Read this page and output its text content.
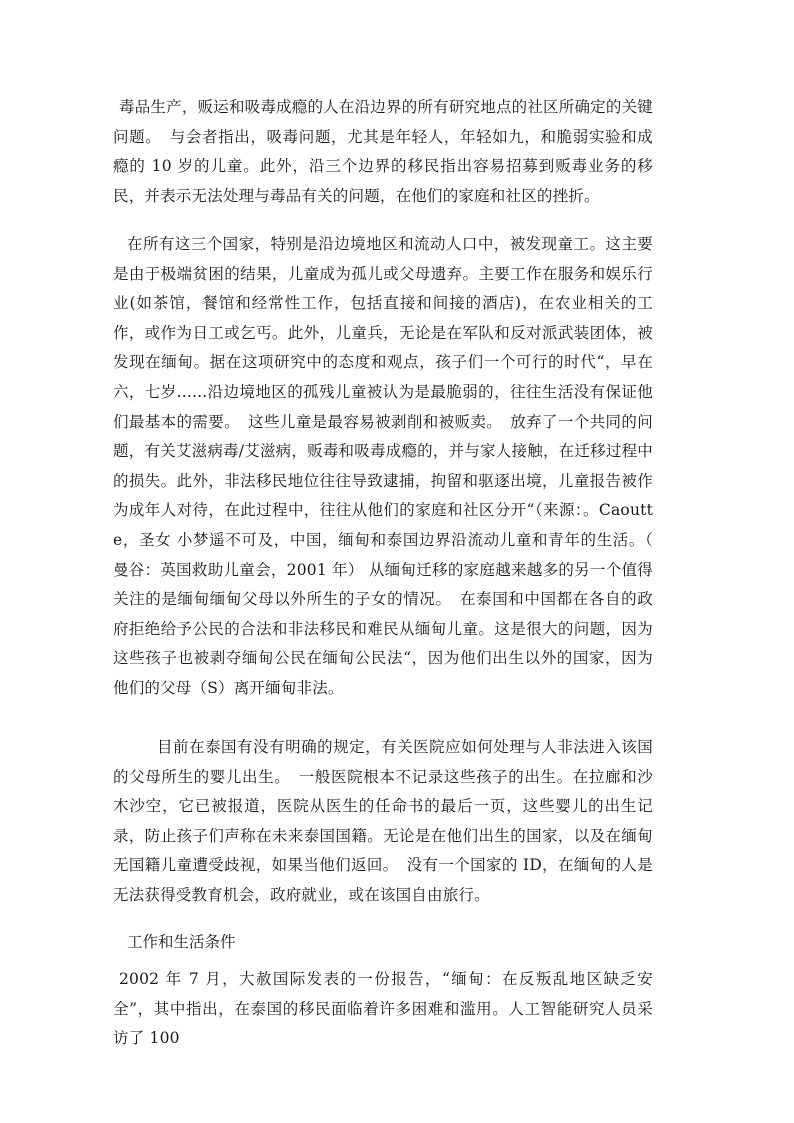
毒品生产，贩运和吸毒成瘾的人在沿边界的所有研究地点的社区所确定的关键问题。　与会者指出，吸毒问题，尤其是年轻人，年轻如九，和脆弱实验和成瘾的 10 岁的儿童。此外，沿三个边界的移民指出容易招募到贩毒业务的移民，并表示无法处理与毒品有关的问题，在他们的家庭和社区的挫折。

在所有这三个国家，特别是沿边境地区和流动人口中，被发现童工。这主要是由于极端贫困的结果，儿童成为孤儿或父母遗弃。主要工作在服务和娱乐行业(如茶馆，餐馆和经常性工作，包括直接和间接的酒店)，在农业相关的工作，或作为日工或乞丐。此外，儿童兵，无论是在军队和反对派武装团体，被发现在缅甸。据在这项研究中的态度和观点，孩子们一个可行的时代“，早在六，七岁......沿边境地区的孤残儿童被认为是最脆弱的，往往生活没有保证他们最基本的需要。　这些儿童是最容易被剥削和被贩卖。　放弃了一个共同的问题，有关艾滋病毒/艾滋病，贩毒和吸毒成瘾的，并与家人接触，在迁移过程中的损失。此外，非法移民地位往往导致逮捕，拘留和驱逐出境，儿童报告被作为成年人对待，在此过程中，往往从他们的家庭和社区分开“（来源：。Caoutte，圣女 小梦遥不可及，中国，缅甸和泰国边界沿流动儿童和青年的生活。（ 曼谷：英国救助儿童会，2001 年） 从缅甸迁移的家庭越来越多的另一个值得关注的是缅甸缅甸父母以外所生的子女的情况。　在泰国和中国都在各自的政府拒绝给予公民的合法和非法移民和难民从缅甸儿童。这是很大的问题，因为这些孩子也被剥夺缅甸公民在缅甸公民法“，因为他们出生以外的国家，因为他们的父母（S）离开缅甸非法。

目前在泰国有没有明确的规定，有关医院应如何处理与人非法进入该国的父母所生的婴儿出生。　一般医院根本不记录这些孩子的出生。在拉廊和沙木沙空，它已被报道，医院从医生的任命书的最后一页，这些婴儿的出生记录，防止孩子们声称在未来泰国国籍。无论是在他们出生的国家，以及在缅甸无国籍儿童遭受歧视，如果当他们返回。　没有一个国家的 ID，在缅甸的人是无法获得受教育机会，政府就业，或在该国自由旅行。

工作和生活条件

2002 年 7 月，大赦国际发表的一份报告，“缅甸：在反叛乱地区缺乏安全”，其中指出，在泰国的移民面临着许多困难和滥用。人工智能研究人员采访了 100
